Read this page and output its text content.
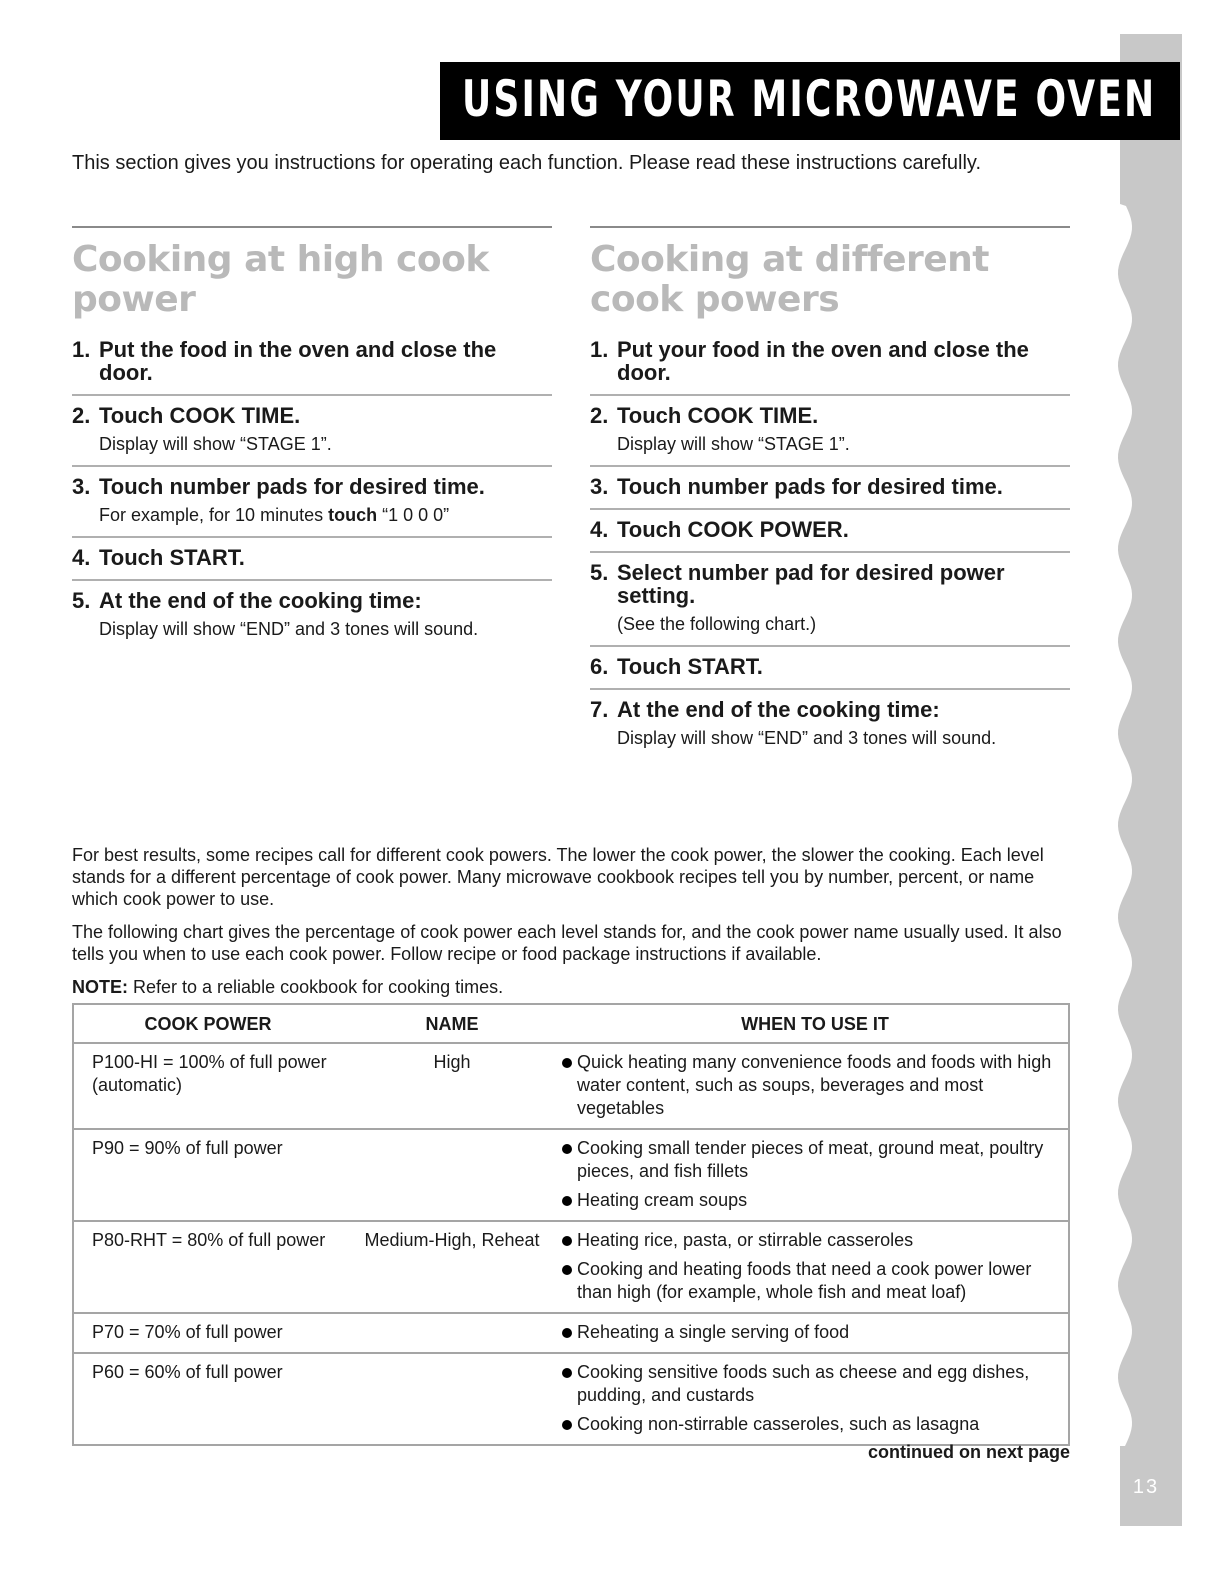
13
USING YOUR MICROWAVE OVEN
This section gives you instructions for operating each function. Please read these instructions carefully.
Cooking at high cook power
1. Put the food in the oven and close the door.
2. Touch COOK TIME.
Display will show “STAGE 1”.
3. Touch number pads for desired time.
For example, for 10 minutes touch “1 0 0 0”
4. Touch START.
5. At the end of the cooking time:
Display will show “END” and 3 tones will sound.
Cooking at different cook powers
1. Put your food in the oven and close the door.
2. Touch COOK TIME.
Display will show “STAGE 1”.
3. Touch number pads for desired time.
4. Touch COOK POWER.
5. Select number pad for desired power setting.
(See the following chart.)
6. Touch START.
7. At the end of the cooking time:
Display will show “END” and 3 tones will sound.
For best results, some recipes call for different cook powers. The lower the cook power, the slower the cooking. Each level stands for a different percentage of cook power. Many microwave cookbook recipes tell you by number, percent, or name which cook power to use.
The following chart gives the percentage of cook power each level stands for, and the cook power name usually used. It also tells you when to use each cook power. Follow recipe or food package instructions if available.
NOTE: Refer to a reliable cookbook for cooking times.
COOK POWER	NAME	WHEN TO USE IT
P100-HI = 100% of full power (automatic)	High	Quick heating many convenience foods and foods with high water content, such as soups, beverages and most vegetables

P90 = 90% of full power		Cooking small tender pieces of meat, ground meat, poultry pieces, and fish fillets
Heating cream soups

P80-RHT = 80% of full power	Medium-High, Reheat	Heating rice, pasta, or stirrable casseroles
Cooking and heating foods that need a cook power lower than high (for example, whole fish and meat loaf)

P70 = 70% of full power		Reheating a single serving of food

P60 = 60% of full power		Cooking sensitive foods such as cheese and egg dishes, pudding, and custards
Cooking non-stirrable casseroles, such as lasagna
continued on next page
